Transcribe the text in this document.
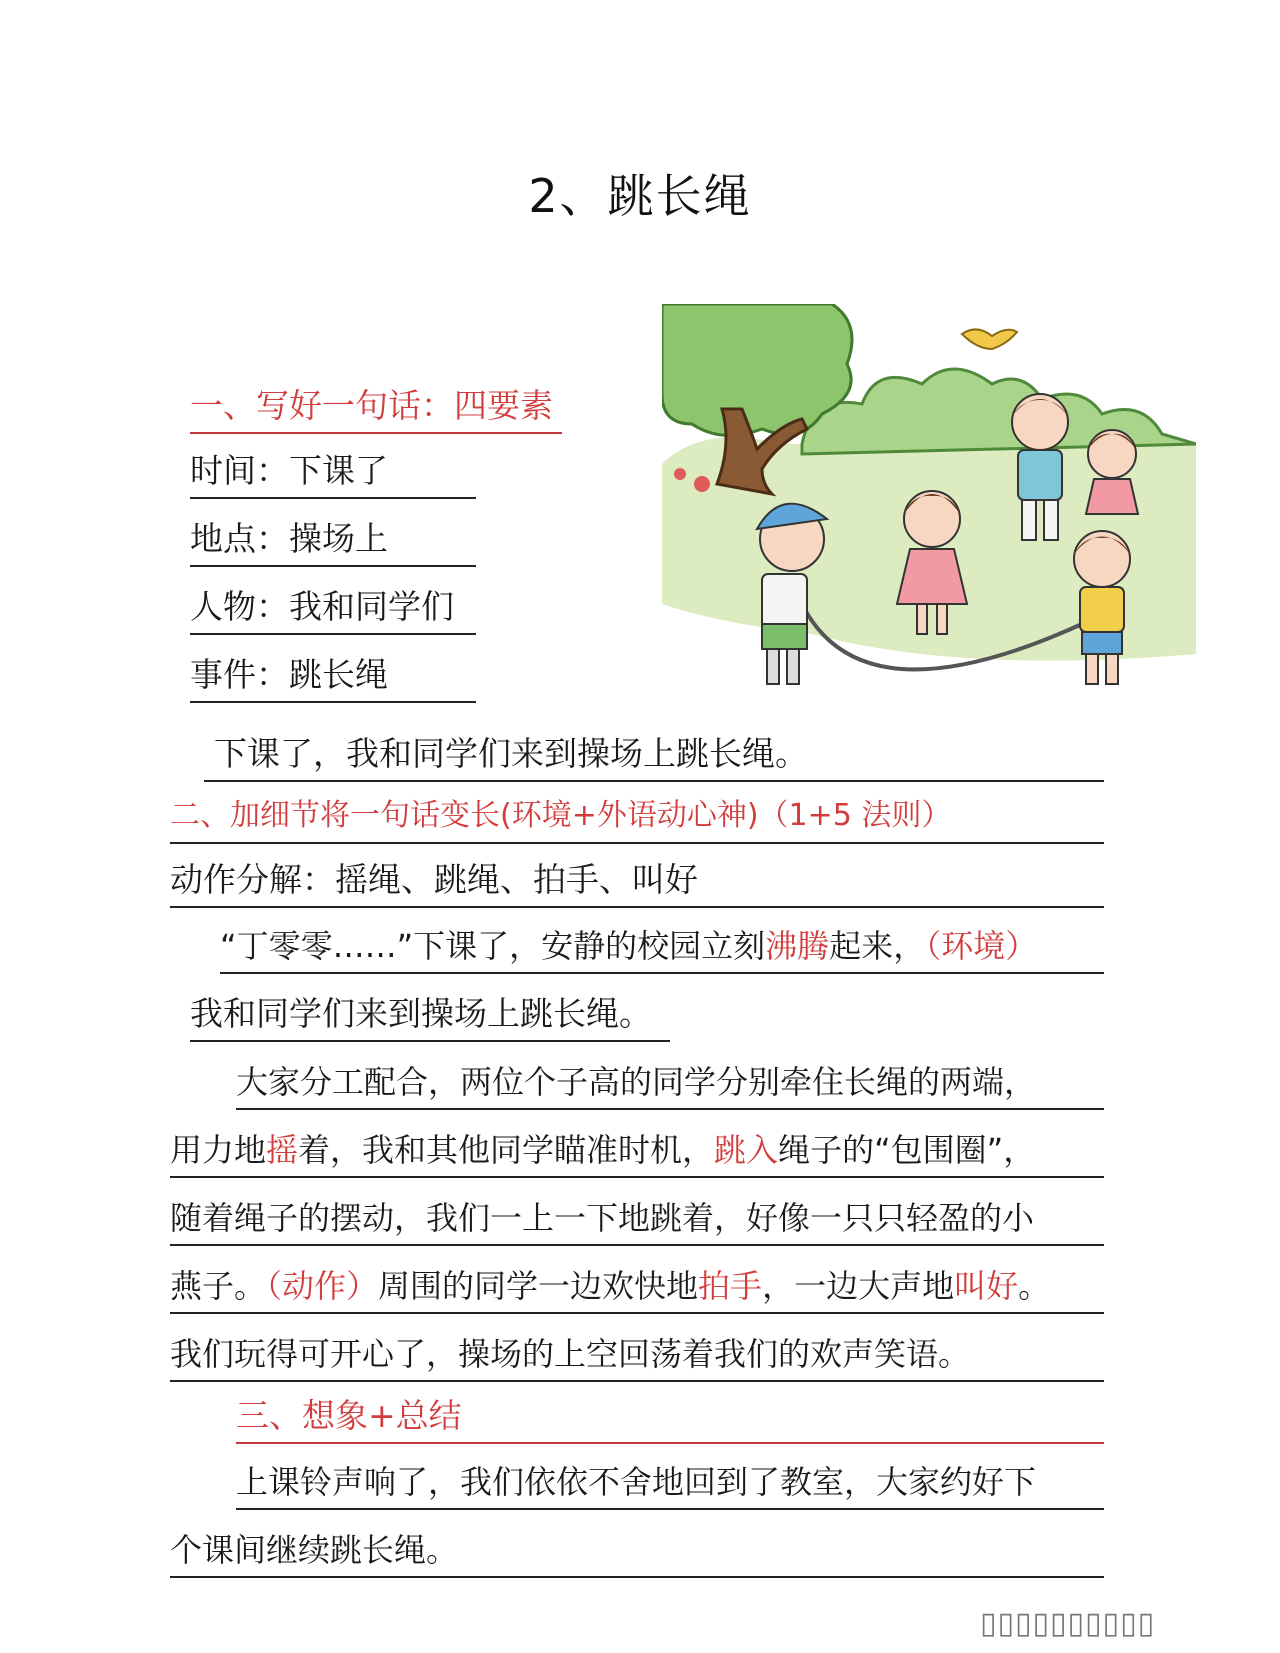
2、跳长绳
一、写好一句话：四要素
时间：下课了
地点：操场上
人物：我和同学们
事件：跳长绳
下课了，我和同学们来到操场上跳长绳。
二、加细节将一句话变长(环境+外语动心神)（1+5 法则）
动作分解：摇绳、跳绳、拍手、叫好
“丁零零……”下课了，安静的校园立刻沸腾起来，（环境）
我和同学们来到操场上跳长绳。
大家分工配合，两位个子高的同学分别牵住长绳的两端，
用力地摇着，我和其他同学瞄准时机，跳入绳子的“包围圈”，
随着绳子的摆动，我们一上一下地跳着，好像一只只轻盈的小
燕子。（动作）周围的同学一边欢快地拍手，一边大声地叫好。
我们玩得可开心了，操场的上空回荡着我们的欢声笑语。
三、想象+总结
上课铃声响了，我们依依不舍地回到了教室，大家约好下
个课间继续跳长绳。
▯▯▯▯▯▯▯▯▯▯
